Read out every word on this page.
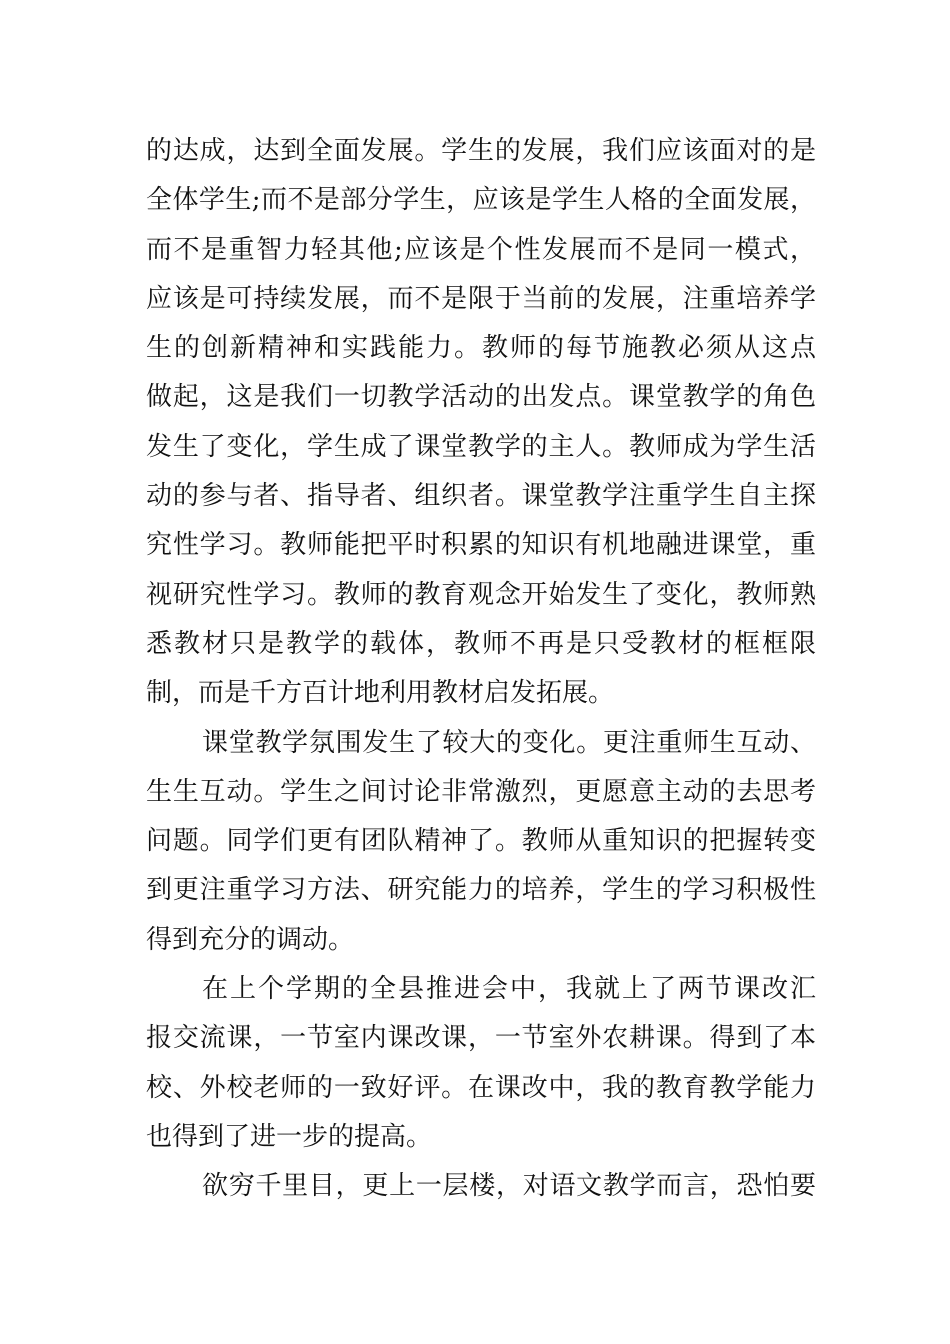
的达成，达到全面发展。学生的发展，我们应该面对的是
全体学生;而不是部分学生，应该是学生人格的全面发展，
而不是重智力轻其他;应该是个性发展而不是同一模式，
应该是可持续发展，而不是限于当前的发展，注重培养学
生的创新精神和实践能力。教师的每节施教必须从这点
做起，这是我们一切教学活动的出发点。课堂教学的角色
发生了变化，学生成了课堂教学的主人。教师成为学生活
动的参与者、指导者、组织者。课堂教学注重学生自主探
究性学习。教师能把平时积累的知识有机地融进课堂，重
视研究性学习。教师的教育观念开始发生了变化，教师熟
悉教材只是教学的载体，教师不再是只受教材的框框限
制，而是千方百计地利用教材启发拓展。
课堂教学氛围发生了较大的变化。更注重师生互动、
生生互动。学生之间讨论非常激烈，更愿意主动的去思考
问题。同学们更有团队精神了。教师从重知识的把握转变
到更注重学习方法、研究能力的培养，学生的学习积极性
得到充分的调动。
在上个学期的全县推进会中，我就上了两节课改汇
报交流课，一节室内课改课，一节室外农耕课。得到了本
校、外校老师的一致好评。在课改中，我的教育教学能力
也得到了进一步的提高。
欲穷千里目，更上一层楼，对语文教学而言，恐怕要
